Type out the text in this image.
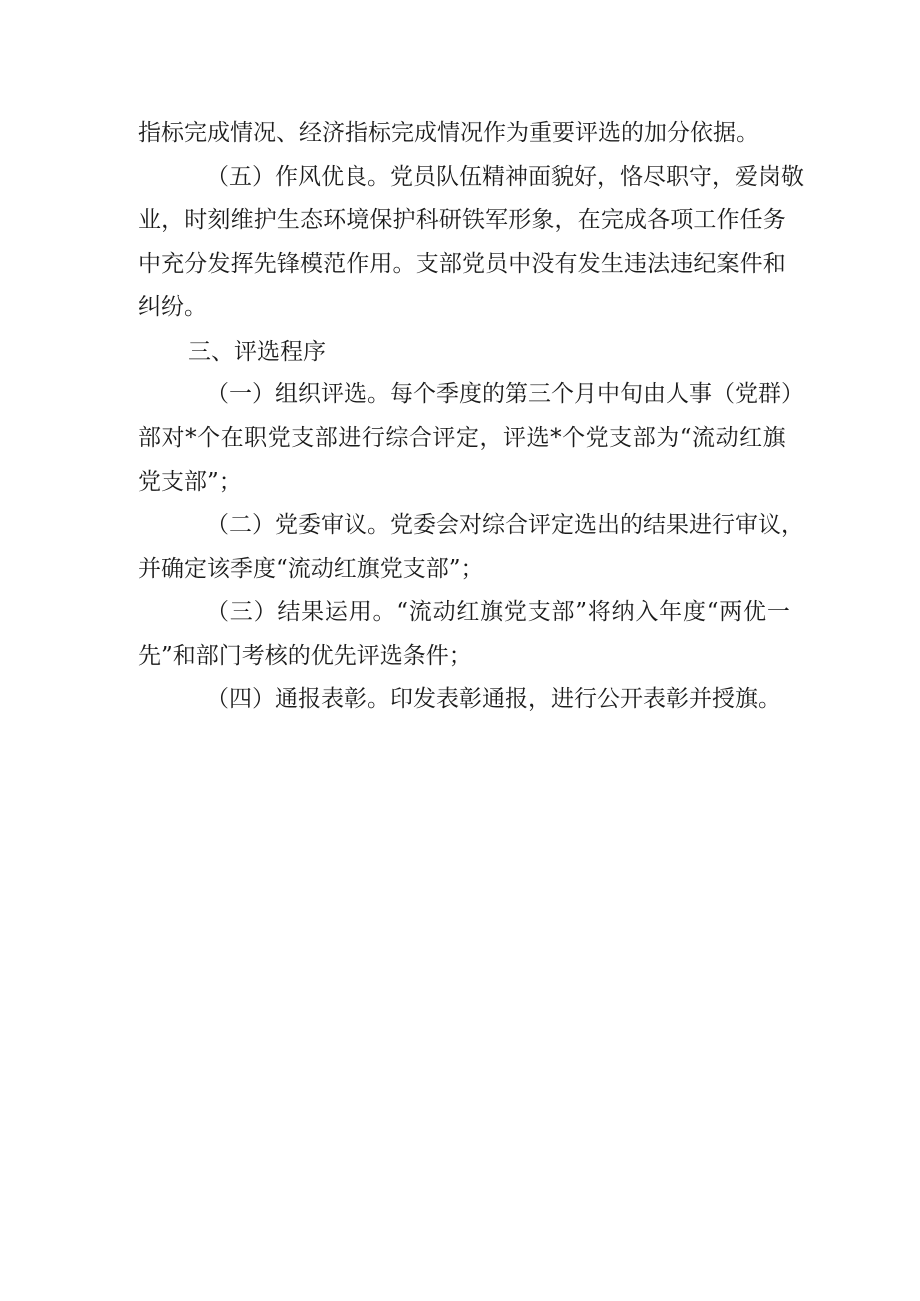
指标完成情况、经济指标完成情况作为重要评选的加分依据。
（ 五 ） 作 风 优 良 。 党 员 队 伍 精 神 面 貌 好 ， 恪 尽 职 守 ， 爱 岗 敬
业 ， 时 刻 维 护 生 态 环 境 保 护 科 研 铁 军 形 象 ， 在 完 成 各 项 工 作 任 务
中 充 分 发 挥 先 锋 模 范 作 用 。 支 部 党 员 中 没 有 发 生 违 法 违 纪 案 件 和
纠纷。
三、评选程序
（ 一 ） 组 织 评 选 。 每 个 季 度 的 第 三 个 月 中 旬 由 人 事 （ 党 群 ）
部 对 * 个 在 职 党 支 部 进 行 综 合 评 定 ， 评 选 * 个 党 支 部 为 “ 流 动 红 旗
党支部”；
（ 二 ） 党 委 审 议 。 党 委 会 对 综 合 评 定 选 出 的 结 果 进 行 审 议 ，
并确定该季度“流动红旗党支部”；
（ 三 ） 结 果 运 用 。 “ 流 动 红 旗 党 支 部 ” 将 纳 入 年 度 “ 两 优 一
先”和部门考核的优先评选条件；
（四）通报表彰。印发表彰通报，进行公开表彰并授旗。
